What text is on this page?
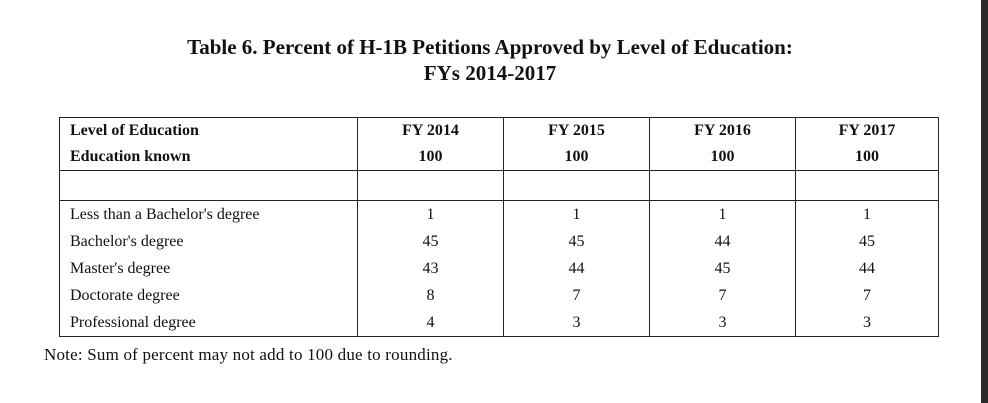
Table 6. Percent of H-1B Petitions Approved by Level of Education:
FYs 2014-2017
Level of Education	FY 2014	FY 2015	FY 2016	FY 2017
Education known	100	100	100	100

Less than a Bachelor's degree	1	1	1	1
Bachelor's degree	45	45	44	45
Master's degree	43	44	45	44
Doctorate degree	8	7	7	7
Professional degree	4	3	3	3
Note: Sum of percent may not add to 100 due to rounding.
